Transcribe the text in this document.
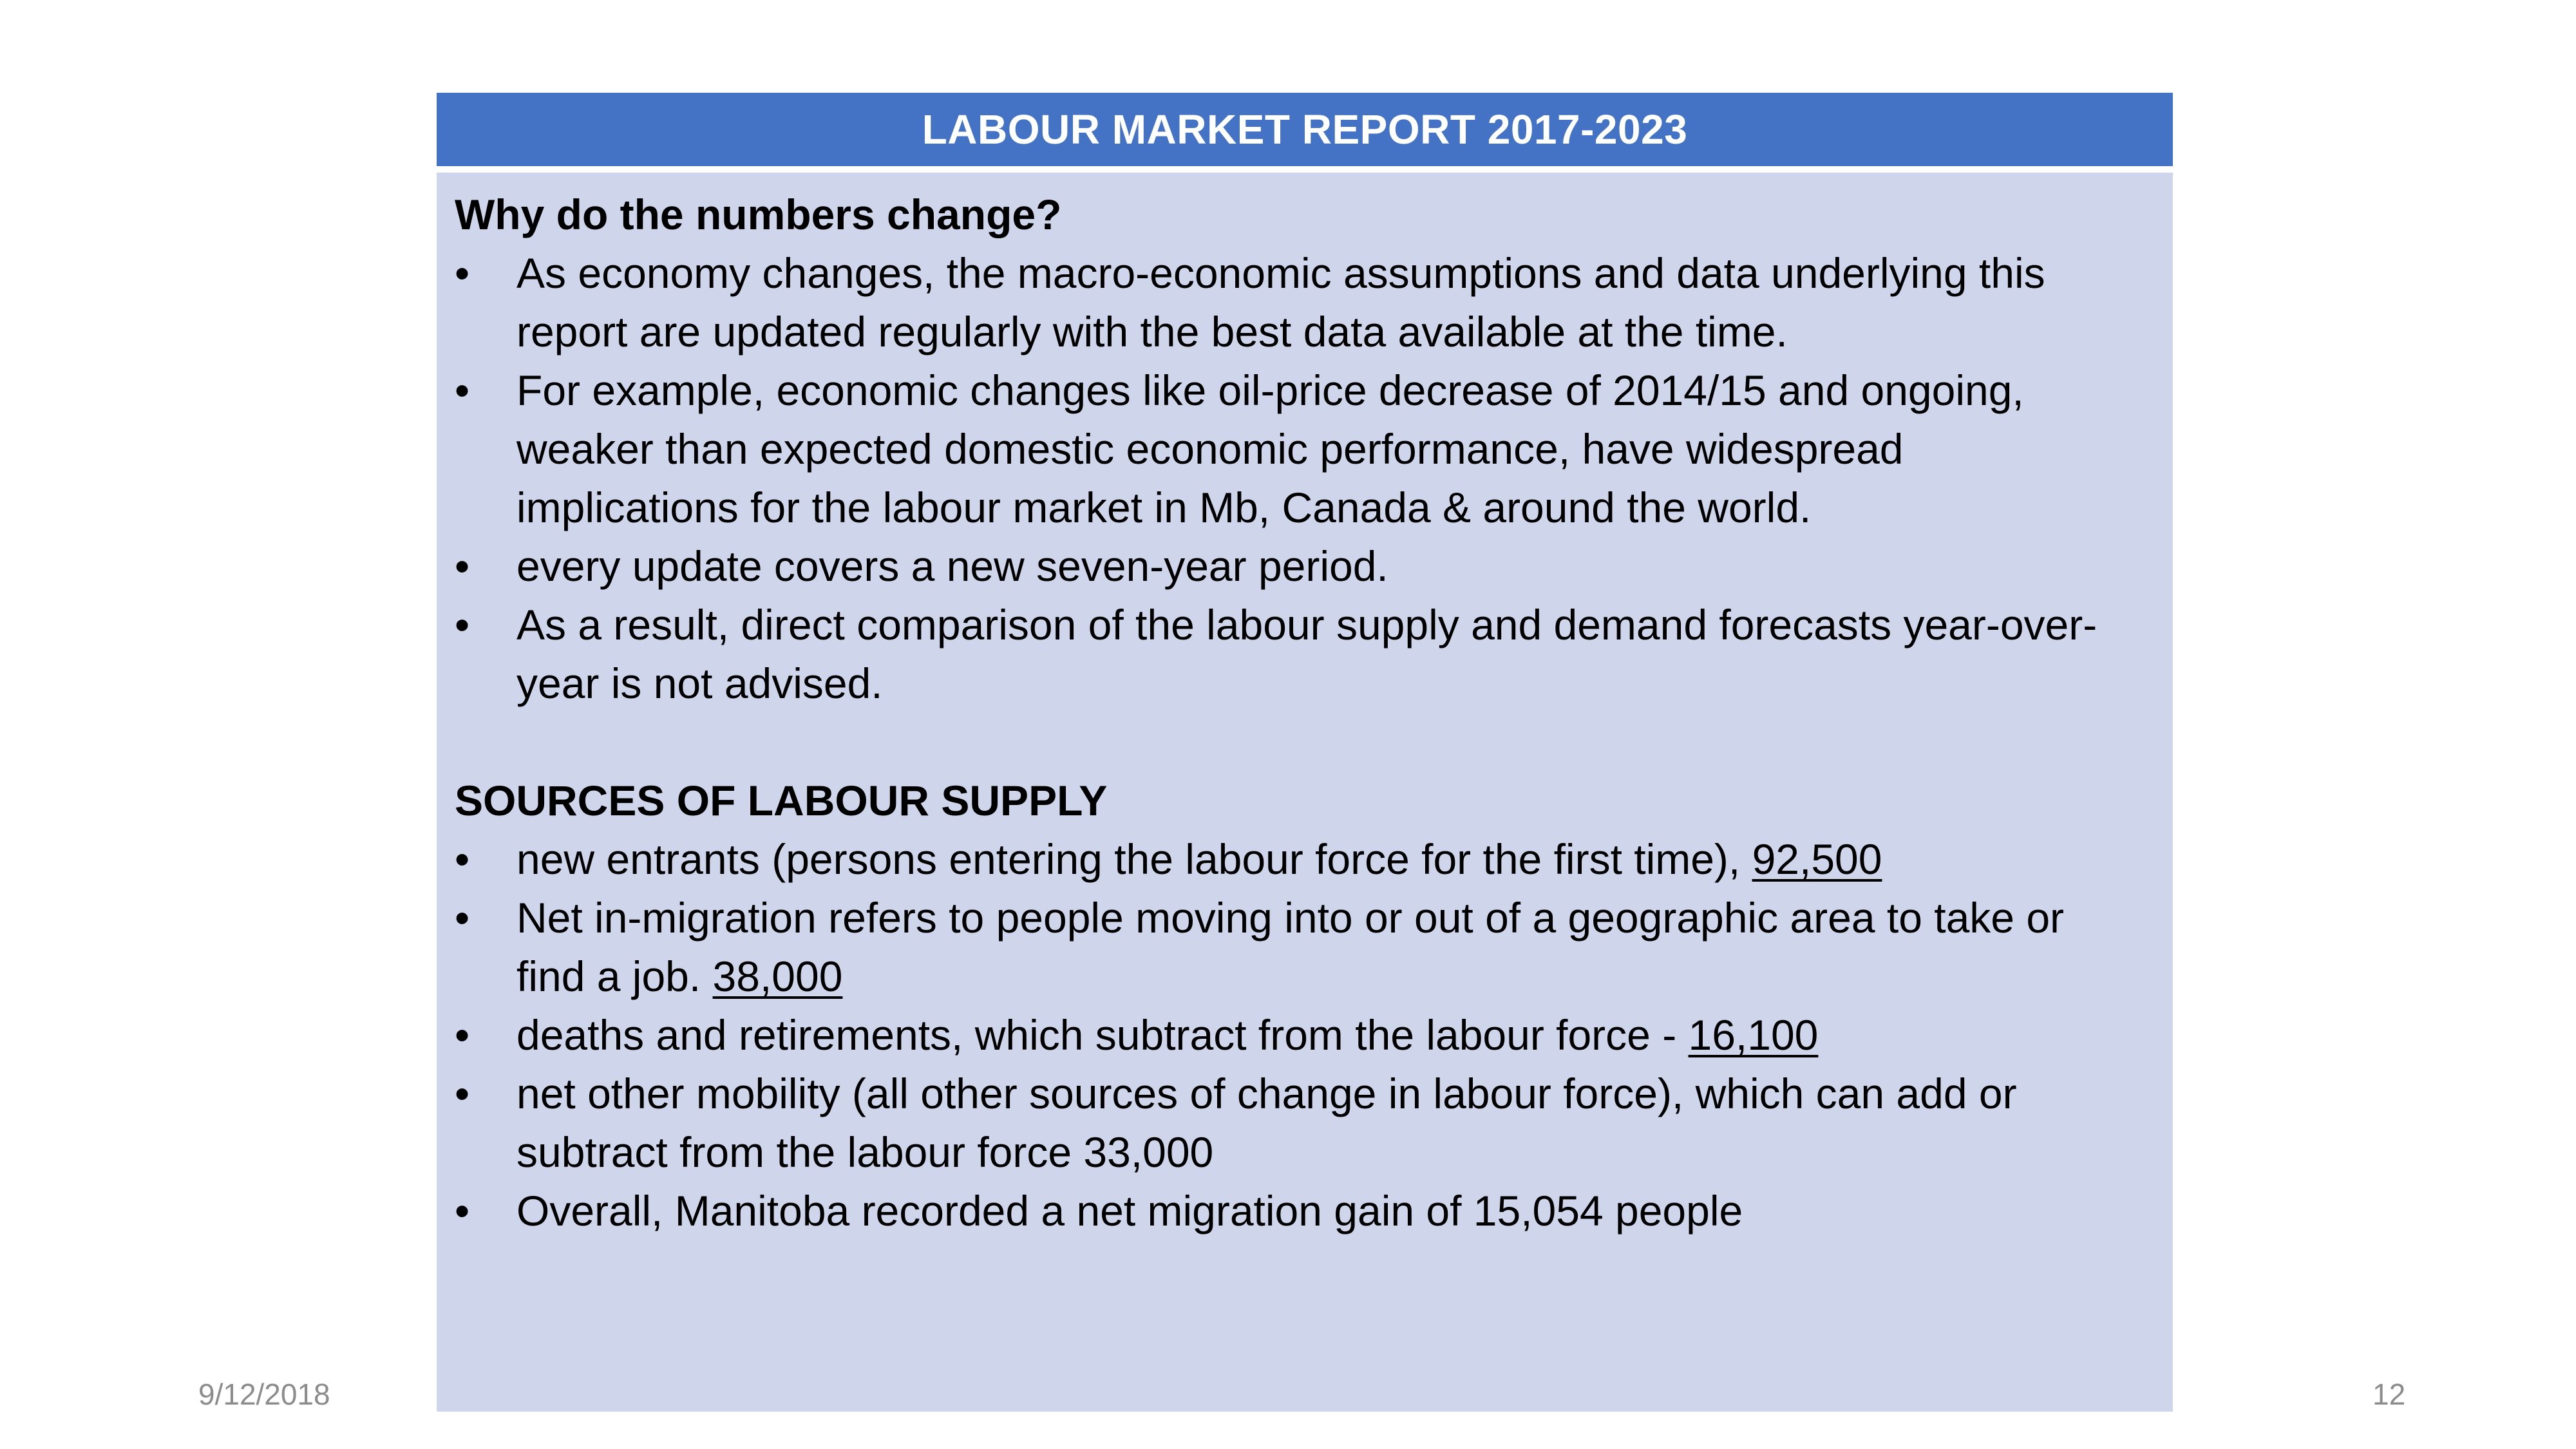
LABOUR MARKET REPORT 2017-2023

Why do the numbers change?

• As economy changes, the macro-economic assumptions and data underlying this report are updated regularly with the best data available at the time.
• For example, economic changes like oil-price decrease of 2014/15 and ongoing, weaker than expected domestic economic performance, have widespread implications for the labour market in Mb, Canada & around the world.
• every update covers a new seven-year period.
• As a result, direct comparison of the labour supply and demand forecasts year-over-year is not advised.

SOURCES OF LABOUR SUPPLY

• new entrants (persons entering the labour force for the first time), 92,500
• Net in-migration refers to people moving into or out of a geographic area to take or find a job. 38,000
• deaths and retirements, which subtract from the labour force - 16,100
• net other mobility (all other sources of change in labour force), which can add or subtract from the labour force 33,000
• Overall, Manitoba recorded a net migration gain of 15,054 people
9/12/2018	12
